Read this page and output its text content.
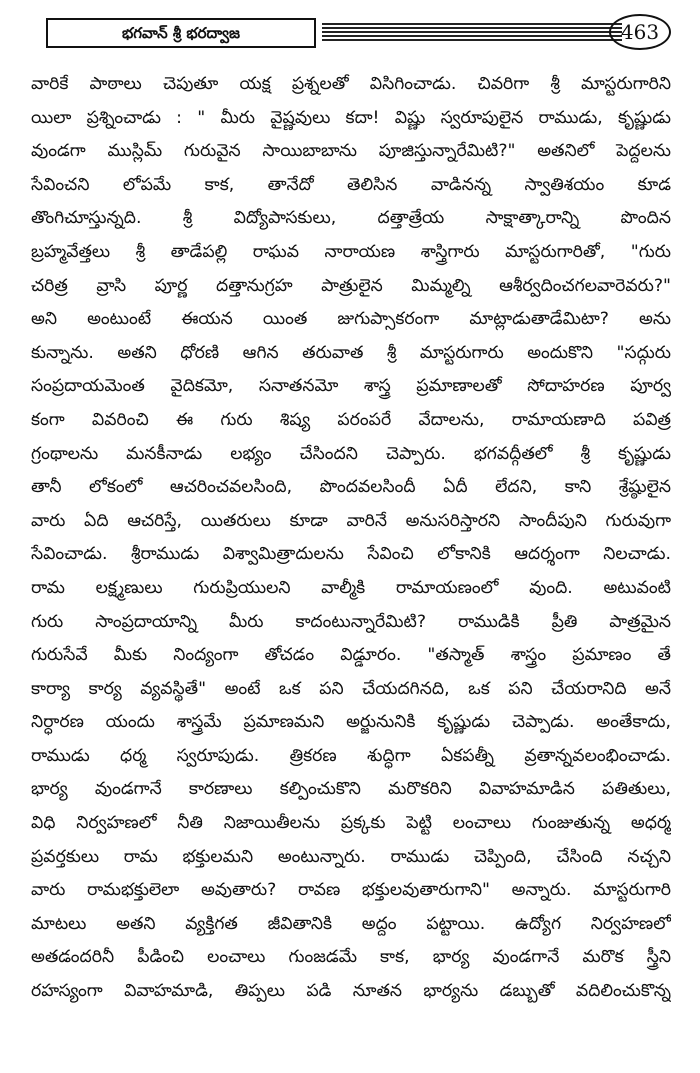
భగవాన్ శ్రీ భరద్వాజ	463
వారికే పాఠాలు చెపుతూ యక్ష ప్రశ్నలతో విసిగించాడు. చివరిగా శ్రీ మాస్టరుగారిని
యిలా ప్రశ్నించాడు : " మీరు వైష్ణవులు కదా! విష్ణు స్వరూపులైన రాముడు, కృష్ణుడు
వుండగా ముస్లిమ్ గురువైన సాయిబాబాను పూజిస్తున్నారేమిటి?" అతనిలో పెద్దలను
సేవించని లోపమే కాక, తానేదో తెలిసిన వాడినన్న స్వాతిశయం కూడ
తొంగిచూస్తున్నది. శ్రీ విద్యోపాసకులు, దత్తాత్రేయ సాక్షాత్కారాన్ని పొందిన
బ్రహ్మవేత్తలు శ్రీ తాడేపల్లి రాఘవ నారాయణ శాస్త్రిగారు మాస్టరుగారితో, "గురు
చరిత్ర వ్రాసి పూర్ణ దత్తానుగ్రహ పాత్రులైన మిమ్మల్ని ఆశీర్వదించగలవారెవరు?"
అని అంటుంటే ఈయన యింత జుగుప్సాకరంగా మాట్లాడుతాడేమిటా? అను
కున్నాను. అతని ధోరణి ఆగిన తరువాత శ్రీ మాస్టరుగారు అందుకొని "సద్గురు
సంప్రదాయమెంత వైదికమో, సనాతనమో శాస్త్ర ప్రమాణాలతో సోదాహరణ పూర్వ
కంగా వివరించి ఈ గురు శిష్య పరంపరే వేదాలను, రామాయణాది పవిత్ర
గ్రంథాలను మనకీనాడు లభ్యం చేసిందని చెప్పారు. భగవద్గీతలో శ్రీ కృష్ణుడు
తానీ లోకంలో ఆచరించవలసింది, పొందవలసిందీ ఏదీ లేదని, కాని శ్రేష్ఠులైన
వారు ఏది ఆచరిస్తే, యితరులు కూడా వారినే అనుసరిస్తారని సాందీపుని గురువుగా
సేవించాడు. శ్రీరాముడు విశ్వామిత్రాదులను సేవించి లోకానికి ఆదర్శంగా నిలచాడు.
రామ లక్ష్మణులు గురుప్రియులని వాల్మీకి రామాయణంలో వుంది. అటువంటి
గురు సాంప్రదాయాన్ని మీరు కాదంటున్నారేమిటి? రాముడికి ప్రీతి పాత్రమైన
గురుసేవే మీకు నింద్యంగా తోచడం విడ్డూరం. "తస్మాత్ శాస్త్రం ప్రమాణం తే
కార్యా కార్య వ్యవస్థితే" అంటే ఒక పని చేయదగినది, ఒక పని చేయరానిది అనే
నిర్ధారణ యందు శాస్త్రమే ప్రమాణమని అర్జునునికి కృష్ణుడు చెప్పాడు. అంతేకాదు,
రాముడు ధర్మ స్వరూపుడు. త్రికరణ శుద్ధిగా ఏకపత్నీ వ్రతాన్నవలంభించాడు.
భార్య వుండగానే కారణాలు కల్పించుకొని మరొకరిని వివాహమాడిన పతితులు,
విధి నిర్వహణలో నీతి నిజాయితీలను ప్రక్కకు పెట్టి లంచాలు గుంజుతున్న అధర్మ
ప్రవర్తకులు రామ భక్తులమని అంటున్నారు. రాముడు చెప్పింది, చేసింది నచ్చని
వారు రామభక్తులెలా అవుతారు? రావణ భక్తులవుతారుగాని" అన్నారు. మాస్టరుగారి
మాటలు అతని వ్యక్తిగత జీవితానికి అద్దం పట్టాయి. ఉద్యోగ నిర్వహణలో
అతడందరినీ పీడించి లంచాలు గుంజడమే కాక, భార్య వుండగానే మరొక స్త్రీని
రహస్యంగా వివాహమాడి, తిప్పలు పడి నూతన భార్యను డబ్బుతో వదిలించుకొన్న
